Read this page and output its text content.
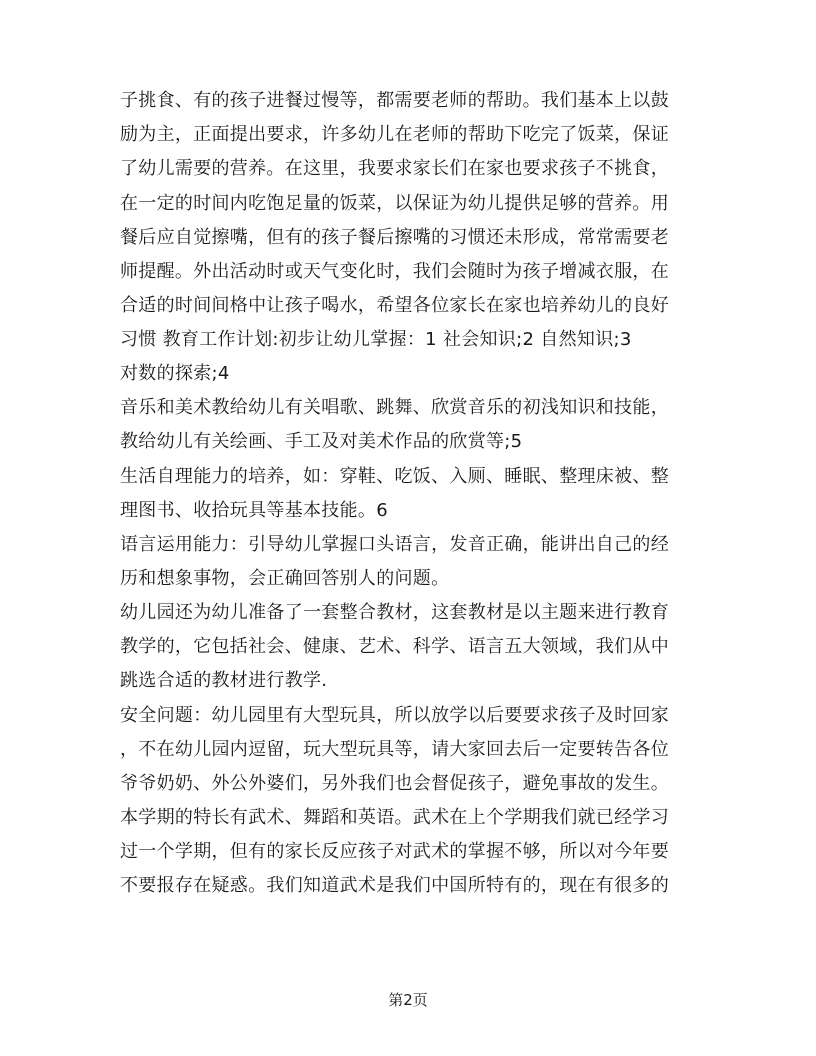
子挑食、有的孩子进餐过慢等，都需要老师的帮助。我们基本上以鼓

励为主，正面提出要求，许多幼儿在老师的帮助下吃完了饭菜，保证

了幼儿需要的营养。在这里，我要求家长们在家也要求孩子不挑食，

在一定的时间内吃饱足量的饭菜，以保证为幼儿提供足够的营养。用

餐后应自觉擦嘴，但有的孩子餐后擦嘴的习惯还未形成，常常需要老

师提醒。外出活动时或天气变化时，我们会随时为孩子增减衣服，在

合适的时间间格中让孩子喝水，希望各位家长在家也培养幼儿的良好

习惯 教育工作计划:初步让幼儿掌握：1 社会知识;2 自然知识;3

对数的探索;4

音乐和美术教给幼儿有关唱歌、跳舞、欣赏音乐的初浅知识和技能，

教给幼儿有关绘画、手工及对美术作品的欣赏等;5

生活自理能力的培养，如：穿鞋、吃饭、入厕、睡眠、整理床被、整

理图书、收拾玩具等基本技能。6

语言运用能力：引导幼儿掌握口头语言，发音正确，能讲出自己的经

历和想象事物，会正确回答别人的问题。

幼儿园还为幼儿准备了一套整合教材，这套教材是以主题来进行教育

教学的，它包括社会、健康、艺术、科学、语言五大领域，我们从中

跳选合适的教材进行教学.

安全问题：幼儿园里有大型玩具，所以放学以后要要求孩子及时回家

，不在幼儿园内逗留，玩大型玩具等，请大家回去后一定要转告各位

爷爷奶奶、外公外婆们，另外我们也会督促孩子，避免事故的发生。

本学期的特长有武术、舞蹈和英语。武术在上个学期我们就已经学习

过一个学期，但有的家长反应孩子对武术的掌握不够，所以对今年要

不要报存在疑惑。我们知道武术是我们中国所特有的，现在有很多的

第2页
